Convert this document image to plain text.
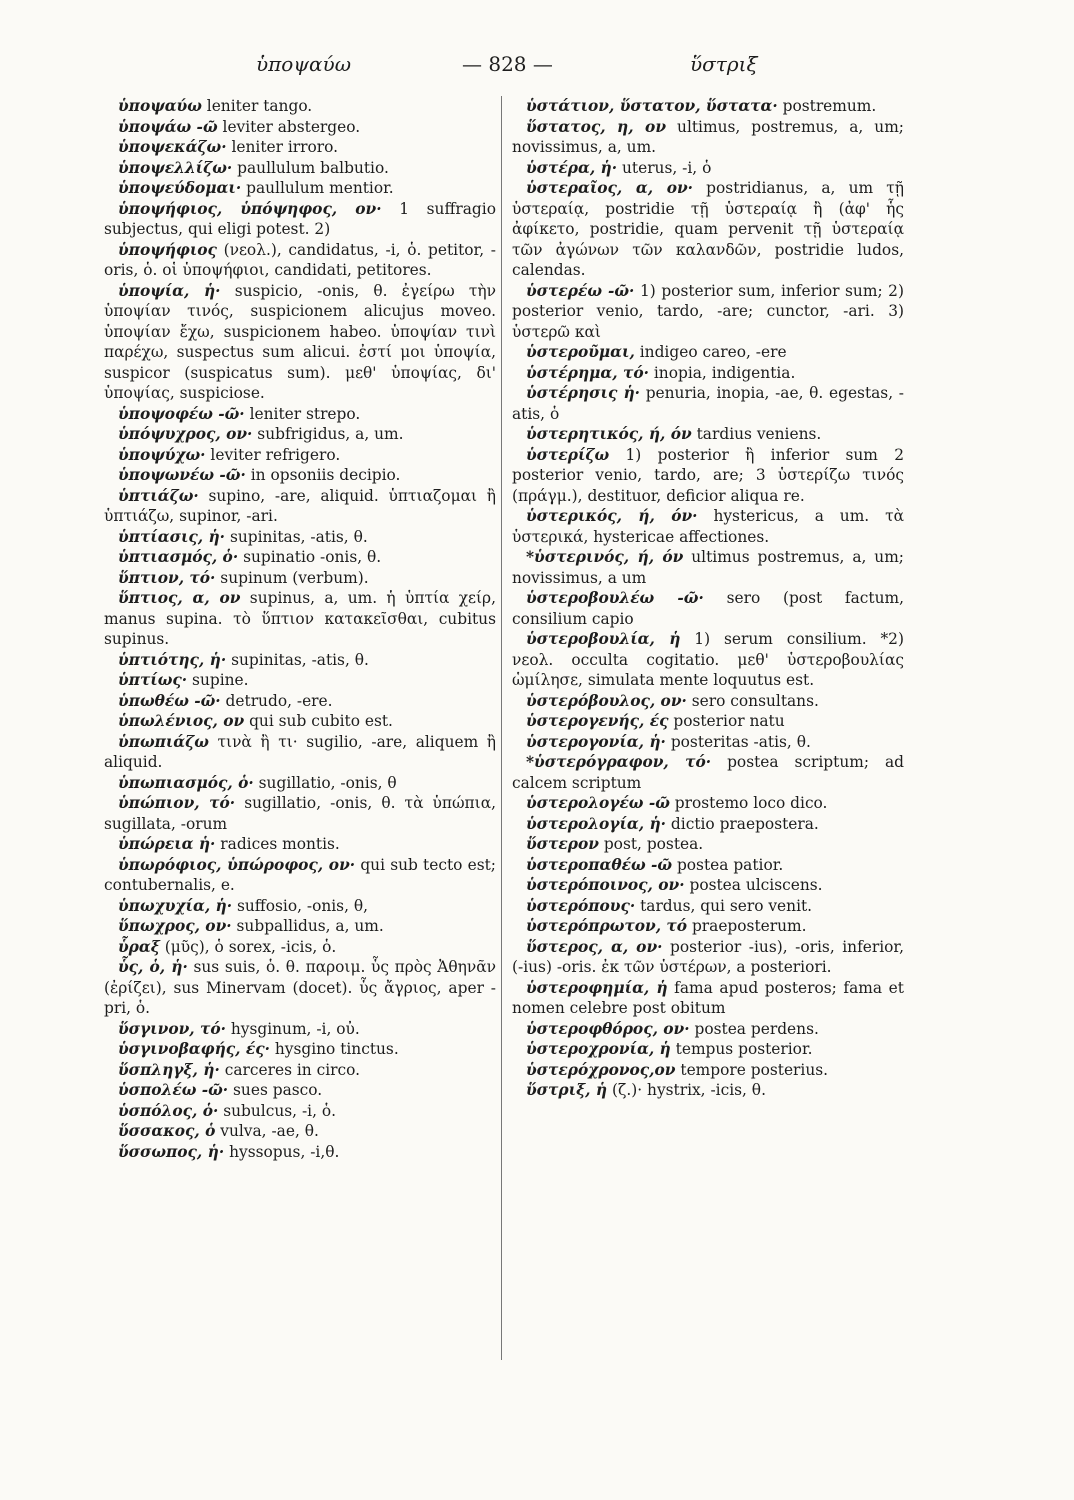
ὑποψαύω	— 828 —	ὕστριξ

ὑποψαύω leniter tango.

ὑποψάω -ῶ leviter abstergeo.

ὑποψεκάζω· leniter irroro.

ὑποψελλίζω· paullulum balbutio.

ὑποψεύδομαι· paullulum mentior.

ὑποψήφιος, ὑπόψηφος, ον· 1 suffragio subjectus, qui eligi potest. 2)

ὑποψήφιος (νεολ.), candidatus, -i, ὁ. petitor, -oris, ὁ. οἱ ὑποψήφιοι, candidati, petitores.

ὑποψία, ἡ· suspicio, -onis, θ. ἐγείρω τὴν ὑποψίαν τινός, suspicionem alicujus moveo. ὑποψίαν ἔχω, suspicionem habeo. ὑποψίαν τινὶ παρέχω, suspectus sum alicui. ἐστί μοι ὑποψία, suspicor (suspicatus sum). μεθ' ὑποψίας, δι' ὑποψίας, suspiciose.

ὑποψοφέω -ῶ· leniter strepo.

ὑπόψυχρος, ον· subfrigidus, a, um.

ὑποψύχω· leviter refrigero.

ὑποψωνέω -ῶ· in opsoniis decipio.

ὑπτιάζω· supino, -are, aliquid. ὑπτιαζομαι ἢ ὑπτιάζω, supinor, -ari.

ὑπτίασις, ἡ· supinitas, -atis, θ.

ὑπτιασμός, ὁ· supinatio -onis, θ.

ὕπτιον, τό· supinum (verbum).

ὕπτιος, α, ον supinus, a, um. ἡ ὑπτία χείρ, manus supina. τὸ ὕπτιον κατακεῖσθαι, cubitus supinus.

ὑπτιότης, ἡ· supinitas, -atis, θ.

ὑπτίως· supine.

ὑπωθέω -ῶ· detrudo, -ere.

ὑπωλένιος, ον qui sub cubito est.

ὑπωπιάζω τινὰ ἢ τι· sugilio, -are, aliquem ἢ aliquid.

ὑπωπιασμός, ὁ· sugillatio, -onis, θ

ὑπώπιον, τό· sugillatio, -onis, θ. τὰ ὑπώπια, sugillata, -orum

ὑπώρεια ἡ· radices montis.

ὑπωρόφιος, ὑπώροφος, ον· qui sub tecto est; contubernalis, e.

ὑπωχυχία, ἡ· suffosio, -onis, θ,

ὕπωχρος, ον· subpallidus, a, um.

ὗραξ (μῦς), ὁ sorex, -icis, ὁ.

ὗς, ὁ, ἡ· sus suis, ὁ. θ. παροιμ. ὗς πρὸς Ἀθηνᾶν (ἐρίζει), sus Minervam (docet). ὗς ἄγριος, aper -pri, ὁ.

ὕσγινον, τό· hysginum, -i, οὐ.

ὑσγινοβαφής, ές· hysgino tinctus.

ὕσπληγξ, ἡ· carceres in circo.

ὑσπολέω -ῶ· sues pasco.

ὑσπόλος, ὁ· subulcus, -i, ὁ.

ὕσσακος, ὁ vulva, -ae, θ.

ὕσσωπος, ἡ· hyssopus, -i,θ.

ὑστάτιον, ὕστατον, ὕστατα· postremum.

ὕστατος, η, ον ultimus, postremus, a, um; novissimus, a, um.

ὑστέρα, ἡ· uterus, -i, ὁ

ὑστεραῖος, α, ον· postridianus, a, um τῇ ὑστεραίᾳ, postridie τῇ ὑστεραίᾳ ἢ (ἀφ' ἧς ἀφίκετο, postridie, quam pervenit τῇ ὑστεραίᾳ τῶν ἀγώνων τῶν καλανδῶν, postridie ludos, calendas.

ὑστερέω -ῶ· 1) posterior sum, inferior sum; 2) posterior venio, tardo, -are; cunctor, -ari. 3) ὑστερῶ καὶ

ὑστεροῦμαι, indigeo careo, -ere

ὑστέρημα, τό· inopia, indigentia.

ὑστέρησις ἡ· penuria, inopia, -ae, θ. egestas, -atis, ὁ

ὑστερητικός, ή, όν tardius veniens.

ὑστερίζω 1) posterior ἢ inferior sum 2 posterior venio, tardo, are; 3 ὑστερίζω τινός (πράγμ.), destituor, deficior aliqua re.

ὑστερικός, ή, όν· hystericus, a um. τὰ ὑστερικά, hystericae affectiones.

*ὑστερινός, ή, όν ultimus postremus, a, um; novissimus, a um

ὑστεροβουλέω -ῶ· sero (post factum, consilium capio

ὑστεροβουλία, ἡ 1) serum consilium. *2) νεολ. occulta cogitatio. μεθ' ὑστεροβουλίας ὡμίλησε, simulata mente loquutus est.

ὑστερόβουλος, ον· sero consultans.

ὑστερογενής, ές posterior natu

ὑστερογονία, ἡ· posteritas -atis, θ.

*ὑστερόγραφον, τό· postea scriptum; ad calcem scriptum

ὑστερολογέω -ῶ prostemo loco dico.

ὑστερολογία, ἡ· dictio praepostera.

ὕστερον post, postea.

ὑστεροπαθέω -ῶ postea patior.

ὑστερόποινος, ον· postea ulciscens.

ὑστερόπους· tardus, qui sero venit.

ὑστερόπρωτον, τό praeposterum.

ὕστερος, α, ον· posterior -ius), -oris, inferior, (-ius) -oris. ἐκ τῶν ὑστέρων, a posteriori.

ὑστεροφημία, ἡ fama apud posteros; fama et nomen celebre post obitum

ὑστεροφθόρος, ον· postea perdens.

ὑστεροχρονία, ἡ tempus posterior.

ὑστερόχρονος,ον tempore posterius.

ὕστριξ, ἡ (ζ.)· hystrix, -icis, θ.
